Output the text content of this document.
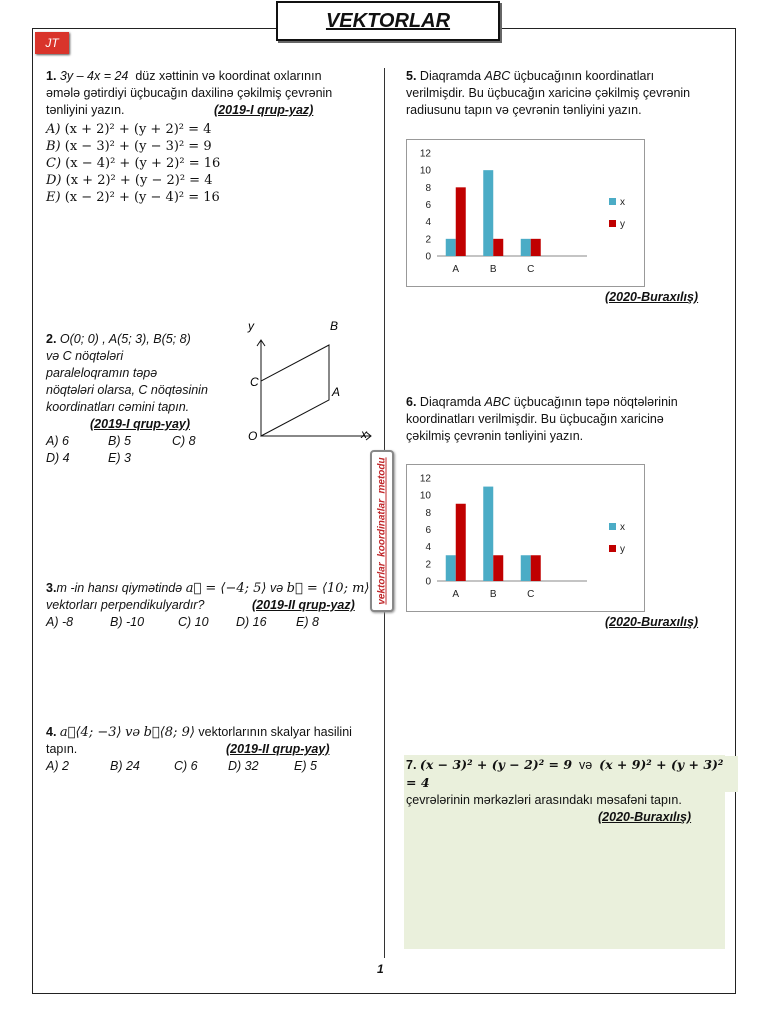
VEKTORLAR
JT
vektorlar_koordinatlar_metodu
1. 3y – 4x = 24 düz xəttinin və koordinat oxlarının
əmələ gətirdiyi üçbucağın daxilinə çəkilmiş çevrənin
tənliyini yazın.	(2019-I qrup-yaz)
A) (x + 2)² + (y + 2)² = 4
B) (x − 3)² + (y − 3)² = 9
C) (x − 4)² + (y + 2)² = 16
D) (x + 2)² + (y − 2)² = 4
E) (x − 2)² + (y − 4)² = 16
2. O(0; 0) , A(5; 3), B(5; 8)
və C nöqtələri
paraleloqramın təpə
nöqtələri olarsa, C nöqtəsinin
koordinatları cəmini tapın.
(2019-I qrup-yay)
A) 6	B) 5	C) 8
D) 4	E) 3
y
x
O
A
B
C
3.m -in hansı qiymətində a⃗ = ⟨−4; 5⟩ və b⃗ = ⟨10; m⟩
vektorları perpendikulyardır?	(2019-II qrup-yaz)
A) -8	B) -10	C) 10	D) 16	E) 8
4. a⃗⟨4; −3⟩ və b⃗⟨8; 9⟩ vektorlarının skalyar hasilini
tapın.	(2019-II qrup-yay)
A) 2	B) 24	C) 6	D) 32	E) 5
5. Diaqramda ABC üçbucağının koordinatları
verilmişdir. Bu üçbucağın xaricinə çəkilmiş çevrənin
radiusunu tapın və çevrənin tənliyini yazın.
0
2
4
6
8
10
12
A	B	C
x
y
(2020-Buraxılış)
6. Diaqramda ABC üçbucağının təpə nöqtələrinin
koordinatları verilmişdir. Bu üçbucağın xaricinə
çəkilmiş çevrənin tənliyini yazın.
0
2
4
6
8
10
12
A	B	C
x
y
(2020-Buraxılış)
7. (x − 3)² + (y − 2)² = 9 və (x + 9)² + (y + 3)² = 4
çevrələrinin mərkəzləri arasındakı məsafəni tapın.
(2020-Buraxılış)
1
